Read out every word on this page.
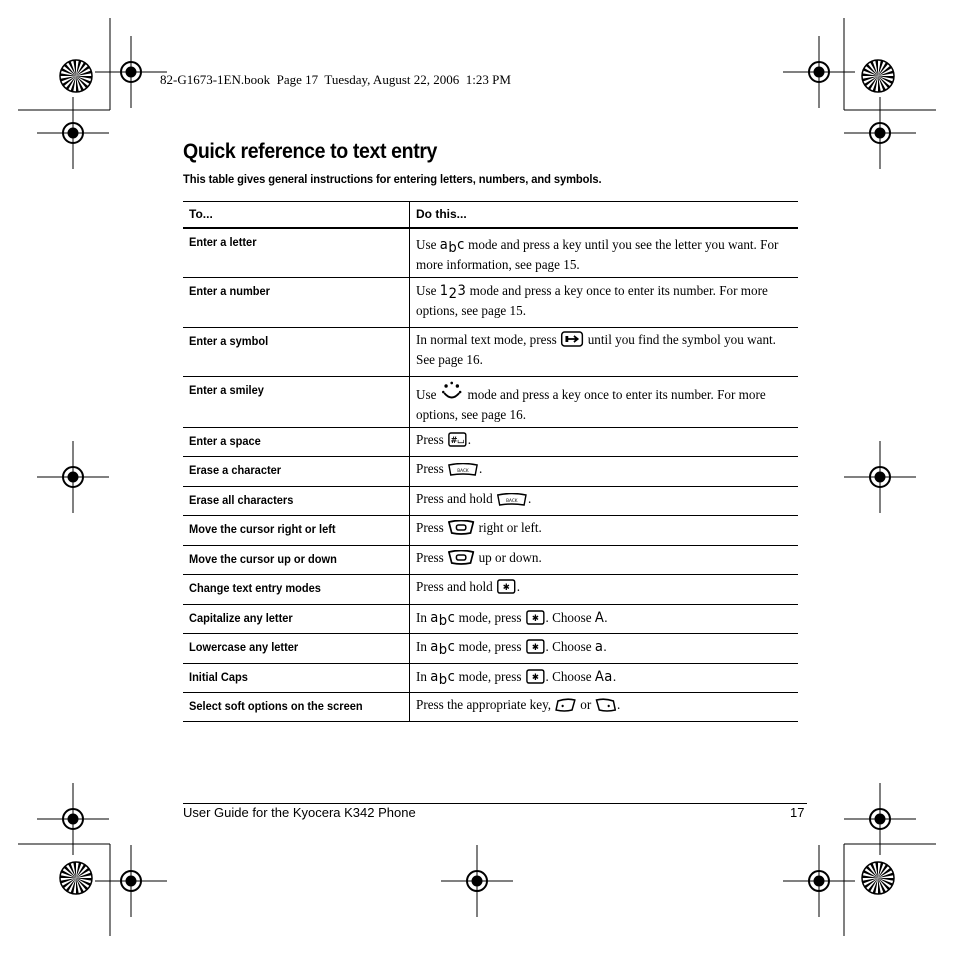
82-G1673-1EN.book  Page 17  Tuesday, August 22, 2006  1:23 PM
Quick reference to text entry

This table gives general instructions for entering letters, numbers, and symbols.

To...	Do this...
Enter a letter	Use abc mode and press a key until you see the letter you want. For more information, see page 15.
Enter a number	Use 123 mode and press a key once to enter its number. For more options, see page 15.
Enter a symbol	In normal text mode, press until you find the symbol you want. See page 16.
Enter a smiley	Use mode and press a key once to enter its number. For more options, see page 16.
Enter a space	Press #⌴ .
Erase a character	Press BACK .
Erase all characters	Press and hold BACK .
Move the cursor right or left	Press right or left.
Move the cursor up or down	Press up or down.
Change text entry modes	Press and hold ✱ .
Capitalize any letter	In abc mode, press ✱ . Choose A.
Lowercase any letter	In abc mode, press ✱ . Choose a.
Initial Caps	In abc mode, press ✱ . Choose Aa.
Select soft options on the screen	Press the appropriate key, or .
User Guide for the Kyocera K342 Phone	17
